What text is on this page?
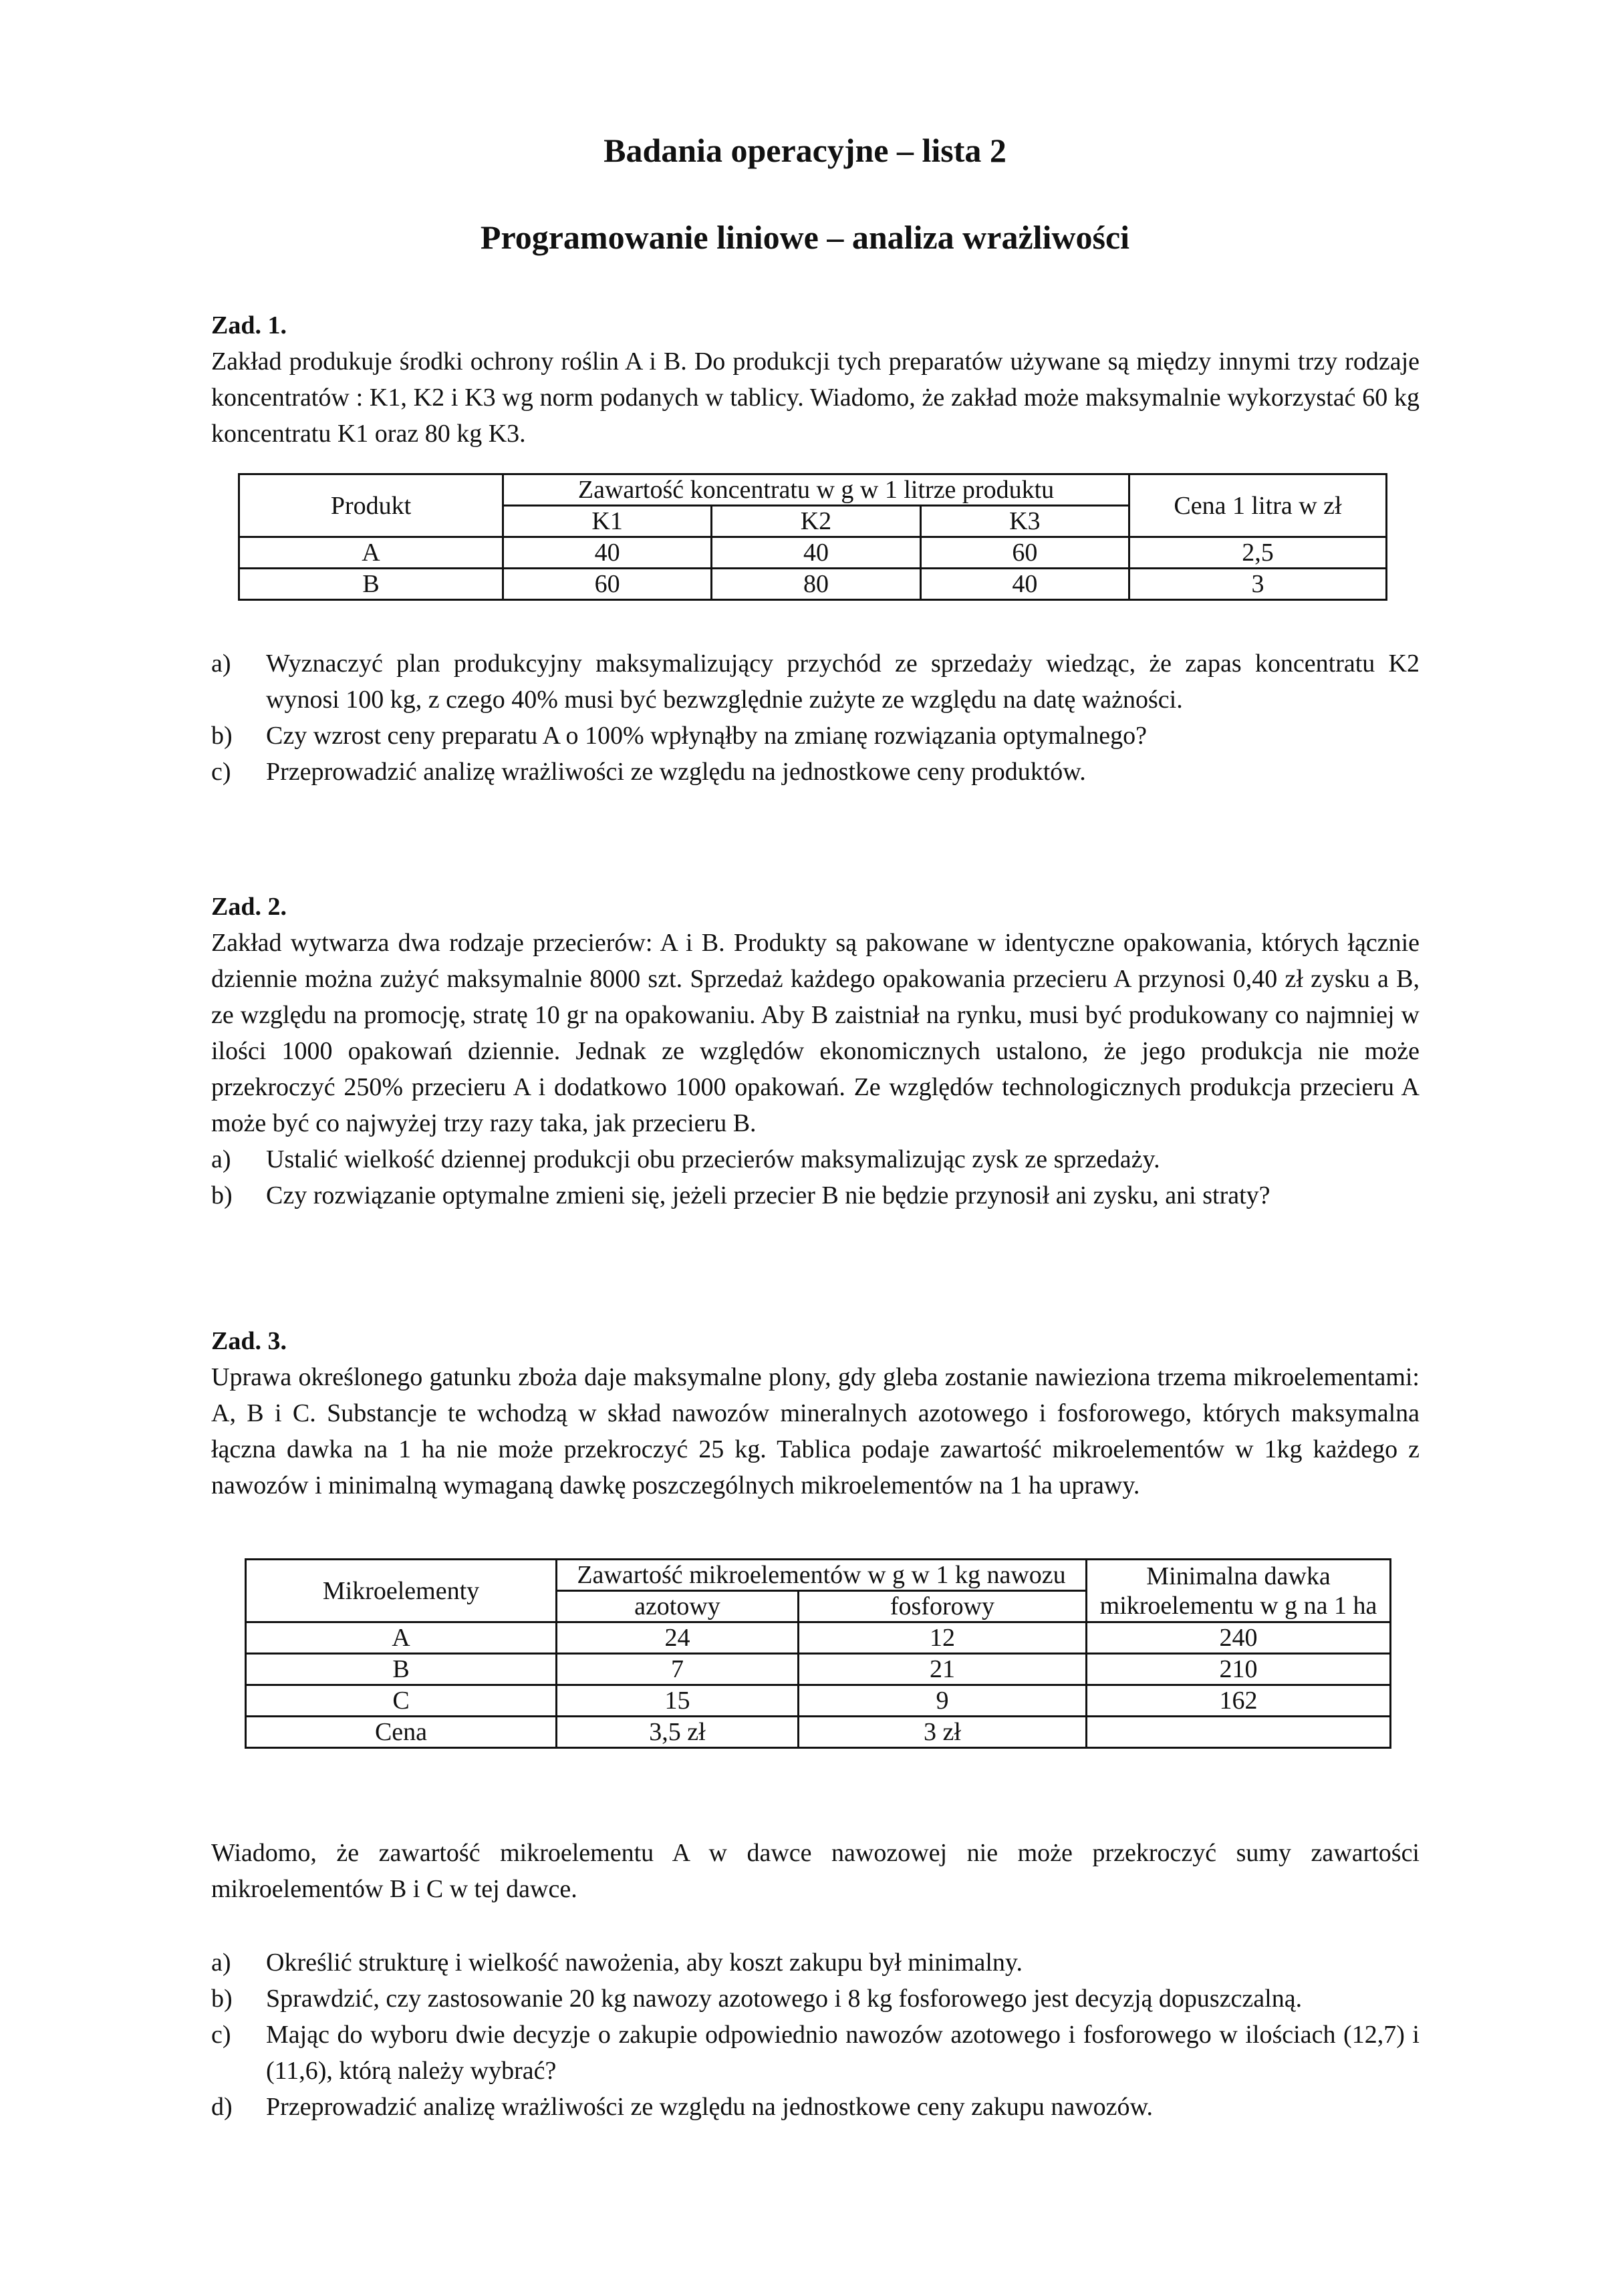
Badania operacyjne – lista 2
Programowanie liniowe – analiza wrażliwości

Zad. 1.

Zakład produkuje środki ochrony roślin A i B. Do produkcji tych preparatów używane są między innymi trzy rodzaje koncentratów : K1, K2 i K3 wg norm podanych w tablicy. Wiadomo, że zakład może maksymalnie wykorzystać 60 kg koncentratu K1 oraz 80 kg K3.

Produkt	Zawartość koncentratu w g w 1 litrze produktu			Cena 1 litra w zł
	K1	K2	K3	
A	40	40	60	2,5
B	60	80	40	3
a) Wyznaczyć plan produkcyjny maksymalizujący przychód ze sprzedaży wiedząc, że zapas koncentratu K2 wynosi 100 kg, z czego 40% musi być bezwzględnie zużyte ze względu na datę ważności.
b) Czy wzrost ceny preparatu A o 100% wpłynąłby na zmianę rozwiązania optymalnego?
c) Przeprowadzić analizę wrażliwości ze względu na jednostkowe ceny produktów.

Zad. 2.

Zakład wytwarza dwa rodzaje przecierów: A i B. Produkty są pakowane w identyczne opakowania, których łącznie dziennie można zużyć maksymalnie 8000 szt. Sprzedaż każdego opakowania przecieru A przynosi 0,40 zł zysku a B, ze względu na promocję, stratę 10 gr na opakowaniu. Aby B zaistniał na rynku, musi być produkowany co najmniej w ilości 1000 opakowań dziennie. Jednak ze względów ekonomicznych ustalono, że jego produkcja nie może przekroczyć 250% przecieru A i dodatkowo 1000 opakowań. Ze względów technologicznych produkcja przecieru A może być co najwyżej trzy razy taka, jak przecieru B.

a) Ustalić wielkość dziennej produkcji obu przecierów maksymalizując zysk ze sprzedaży.
b) Czy rozwiązanie optymalne zmieni się, jeżeli przecier B nie będzie przynosił ani zysku, ani straty?

Zad. 3.

Uprawa określonego gatunku zboża daje maksymalne plony, gdy gleba zostanie nawieziona trzema mikroelementami: A, B i C. Substancje te wchodzą w skład nawozów mineralnych azotowego i fosforowego, których maksymalna łączna dawka na 1 ha nie może przekroczyć 25 kg. Tablica podaje zawartość mikroelementów w 1kg każdego z nawozów i minimalną wymaganą dawkę poszczególnych mikroelementów na 1 ha uprawy.

Mikroelementy	Zawartość mikroelementów w g w 1 kg nawozu		Minimalna dawka mikroelementu w g na 1 ha
	azotowy	fosforowy	
A	24	12	240
B	7	21	210
C	15	9	162
Cena	3,5 zł	3 zł	

Wiadomo, że zawartość mikroelementu A w dawce nawozowej nie może przekroczyć sumy zawartości mikroelementów B i C w tej dawce.

a) Określić strukturę i wielkość nawożenia, aby koszt zakupu był minimalny.
b) Sprawdzić, czy zastosowanie 20 kg nawozy azotowego i 8 kg fosforowego jest decyzją dopuszczalną.
c) Mając do wyboru dwie decyzje o zakupie odpowiednio nawozów azotowego i fosforowego w ilościach (12,7) i (11,6), którą należy wybrać?
d) Przeprowadzić analizę wrażliwości ze względu na jednostkowe ceny zakupu nawozów.
